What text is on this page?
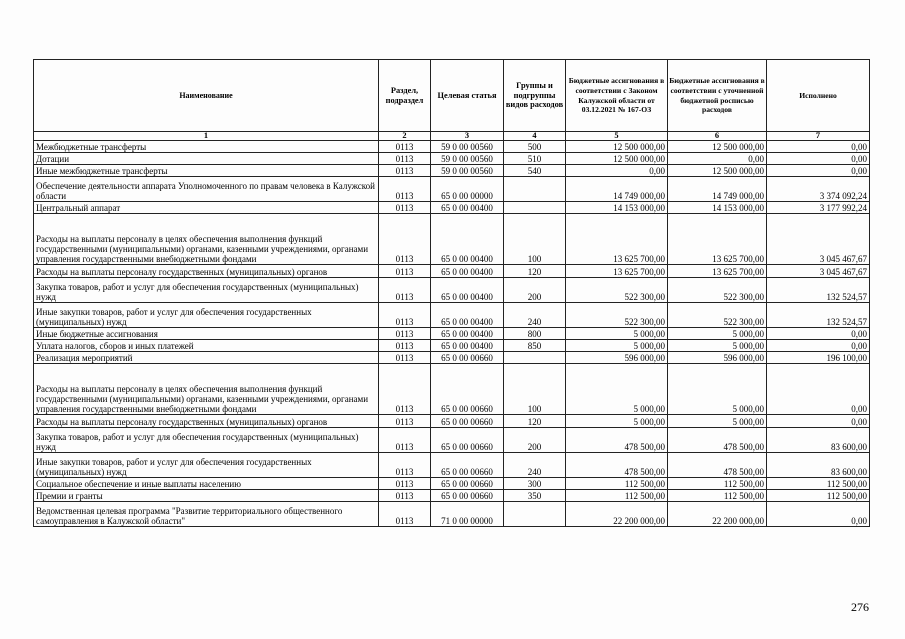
Наименование	Раздел, подраздел	Целевая статья	Группы и подгруппы видов расходов	Бюджетные ассигнования в соответствии с Законом Калужской области от 03.12.2021 № 167-ОЗ	Бюджетные ассигнования в соответствии с уточненной бюджетной росписью расходов	Исполнено
1	2	3	4	5	6	7
Межбюджетные трансферты	0113	59 0 00 00560	500	12 500 000,00	12 500 000,00	0,00
Дотации	0113	59 0 00 00560	510	12 500 000,00	0,00	0,00
Иные межбюджетные трансферты	0113	59 0 00 00560	540	0,00	12 500 000,00	0,00
Обеспечение деятельности аппарата Уполномоченного по правам человека в Калужской области	0113	65 0 00 00000		14 749 000,00	14 749 000,00	3 374 092,24
Центральный аппарат	0113	65 0 00 00400		14 153 000,00	14 153 000,00	3 177 992,24
Расходы на выплаты персоналу в целях обеспечения выполнения функций государственными (муниципальными) органами, казенными учреждениями, органами управления государственными внебюджетными фондами	0113	65 0 00 00400	100	13 625 700,00	13 625 700,00	3 045 467,67
Расходы на выплаты персоналу государственных (муниципальных) органов	0113	65 0 00 00400	120	13 625 700,00	13 625 700,00	3 045 467,67
Закупка товаров, работ и услуг для обеспечения государственных (муниципальных) нужд	0113	65 0 00 00400	200	522 300,00	522 300,00	132 524,57
Иные закупки товаров, работ и услуг для обеспечения государственных (муниципальных) нужд	0113	65 0 00 00400	240	522 300,00	522 300,00	132 524,57
Иные бюджетные ассигнования	0113	65 0 00 00400	800	5 000,00	5 000,00	0,00
Уплата налогов, сборов и иных платежей	0113	65 0 00 00400	850	5 000,00	5 000,00	0,00
Реализация мероприятий	0113	65 0 00 00660		596 000,00	596 000,00	196 100,00
Расходы на выплаты персоналу в целях обеспечения выполнения функций государственными (муниципальными) органами, казенными учреждениями, органами управления государственными внебюджетными фондами	0113	65 0 00 00660	100	5 000,00	5 000,00	0,00
Расходы на выплаты персоналу государственных (муниципальных) органов	0113	65 0 00 00660	120	5 000,00	5 000,00	0,00
Закупка товаров, работ и услуг для обеспечения государственных (муниципальных) нужд	0113	65 0 00 00660	200	478 500,00	478 500,00	83 600,00
Иные закупки товаров, работ и услуг для обеспечения государственных (муниципальных) нужд	0113	65 0 00 00660	240	478 500,00	478 500,00	83 600,00
Социальное обеспечение и иные выплаты населению	0113	65 0 00 00660	300	112 500,00	112 500,00	112 500,00
Премии и гранты	0113	65 0 00 00660	350	112 500,00	112 500,00	112 500,00
Ведомственная целевая программа "Развитие территориального общественного самоуправления в Калужской области"	0113	71 0 00 00000		22 200 000,00	22 200 000,00	0,00
276
